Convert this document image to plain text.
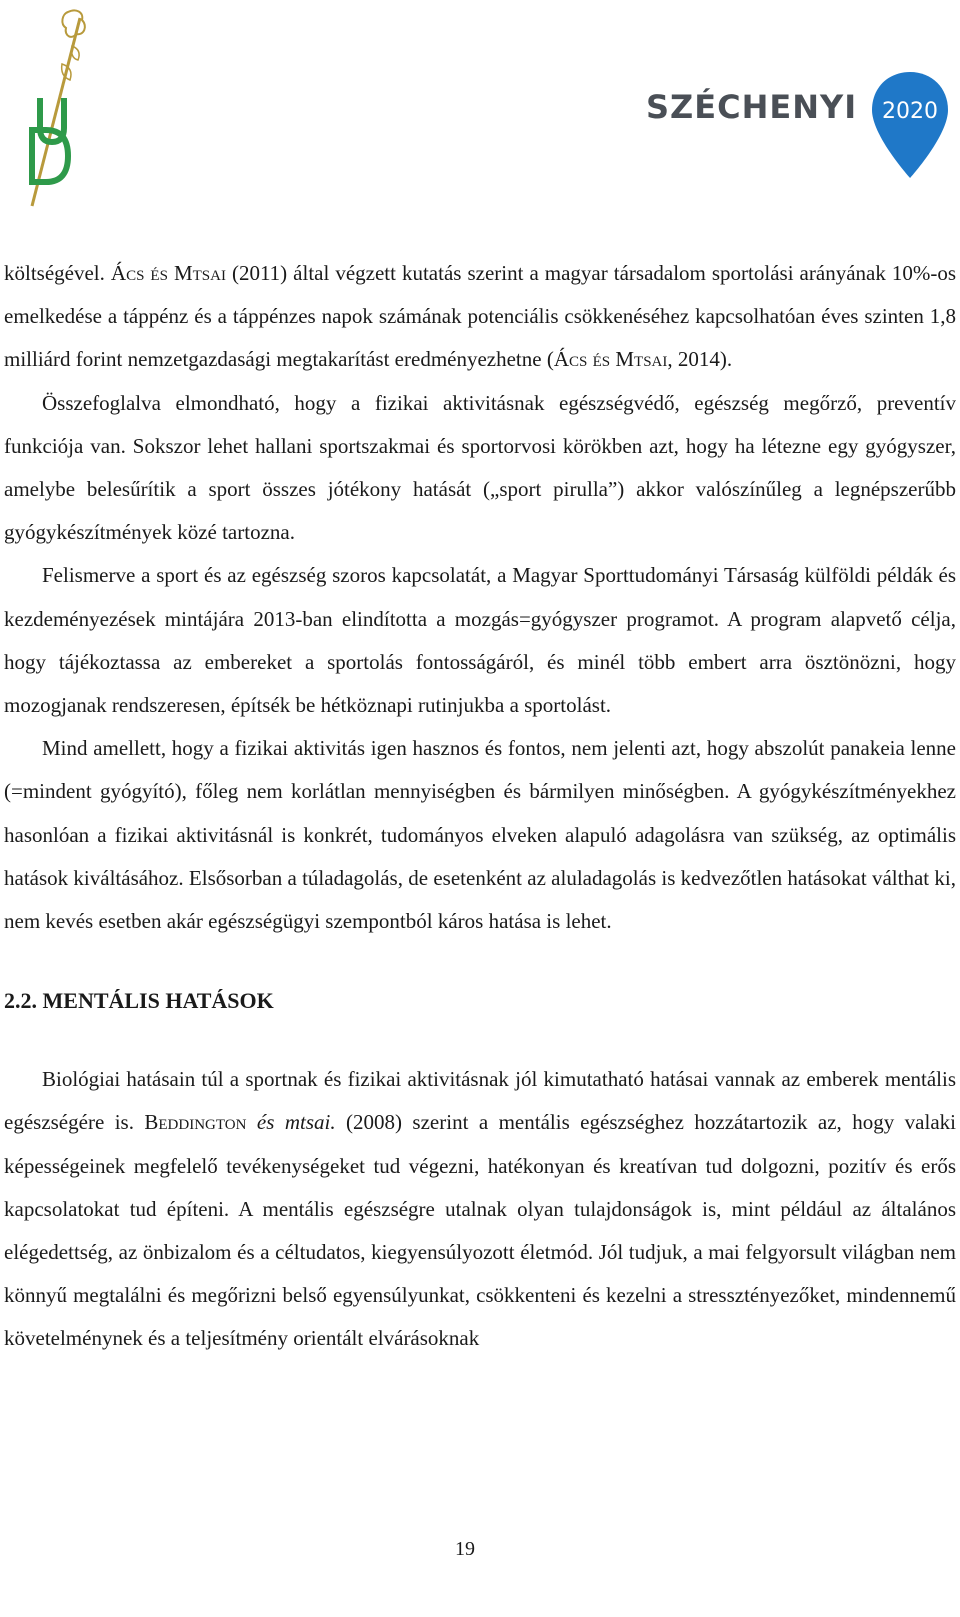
SZÉCHENYI 2020

költségével. Ács és Mtsai (2011) által végzett kutatás szerint a magyar társadalom sportolási arányának 10%-os emelkedése a táppénz és a táppénzes napok számának potenciális csökkenéséhez kapcsolhatóan éves szinten 1,8 milliárd forint nemzetgazdasági megtakarítást eredményezhetne (Ács és Mtsai, 2014).

Összefoglalva elmondható, hogy a fizikai aktivitásnak egészségvédő, egészség megőrző, preventív funkciója van. Sokszor lehet hallani sportszakmai és sportorvosi körökben azt, hogy ha létezne egy gyógyszer, amelybe belesűrítik a sport összes jótékony hatását („sport pirulla”) akkor valószínűleg a legnépszerűbb gyógykészítmények közé tartozna.

Felismerve a sport és az egészség szoros kapcsolatát, a Magyar Sporttudományi Társaság külföldi példák és kezdeményezések mintájára 2013-ban elindította a mozgás=gyógyszer programot. A program alapvető célja, hogy tájékoztassa az embereket a sportolás fontosságáról, és minél több embert arra ösztönözni, hogy mozogjanak rendszeresen, építsék be hétköznapi rutinjukba a sportolást.

Mind amellett, hogy a fizikai aktivitás igen hasznos és fontos, nem jelenti azt, hogy abszolút panakeia lenne (=mindent gyógyító), főleg nem korlátlan mennyiségben és bármilyen minőségben. A gyógykészítményekhez hasonlóan a fizikai aktivitásnál is konkrét, tudományos elveken alapuló adagolásra van szükség, az optimális hatások kiváltásához. Elsősorban a túladagolás, de esetenként az aluladagolás is kedvezőtlen hatásokat válthat ki, nem kevés esetben akár egészségügyi szempontból káros hatása is lehet.

2.2. MENTÁLIS HATÁSOK

Biológiai hatásain túl a sportnak és fizikai aktivitásnak jól kimutatható hatásai vannak az emberek mentális egészségére is. Beddington és mtsai. (2008) szerint a mentális egészséghez hozzátartozik az, hogy valaki képességeinek megfelelő tevékenységeket tud végezni, hatékonyan és kreatívan tud dolgozni, pozitív és erős kapcsolatokat tud építeni. A mentális egészségre utalnak olyan tulajdonságok is, mint például az általános elégedettség, az önbizalom és a céltudatos, kiegyensúlyozott életmód. Jól tudjuk, a mai felgyorsult világban nem könnyű megtalálni és megőrizni belső egyensúlyunkat, csökkenteni és kezelni a stressztényezőket, mindennemű követelménynek és a teljesítmény orientált elvárásoknak

19
